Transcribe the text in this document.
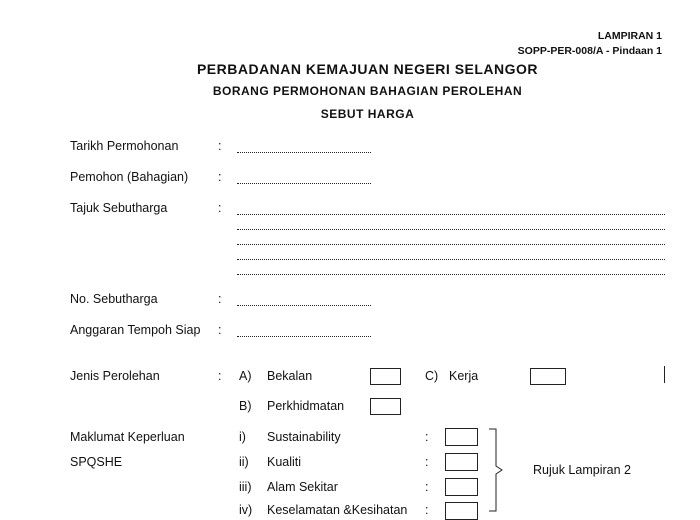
LAMPIRAN 1
SOPP-PER-008/A - Pindaan 1
PERBADANAN KEMAJUAN NEGERI SELANGOR
BORANG PERMOHONAN BAHAGIAN PEROLEHAN
SEBUT HARGA
Tarikh Permohonan	:
Pemohon (Bahagian) :
Tajuk Sebutharga	:
No. Sebutharga	:
Anggaran Tempoh Siap :
Jenis Perolehan	: A) Bekalan	C) Kerja
B) Perkhidmatan
Maklumat Keperluan
SPQSHE
i) Sustainability	:
ii) Kualiti	:
iii) Alam Sekitar	:
iv) Keselamatan &Kesihatan :
Rujuk Lampiran 2
